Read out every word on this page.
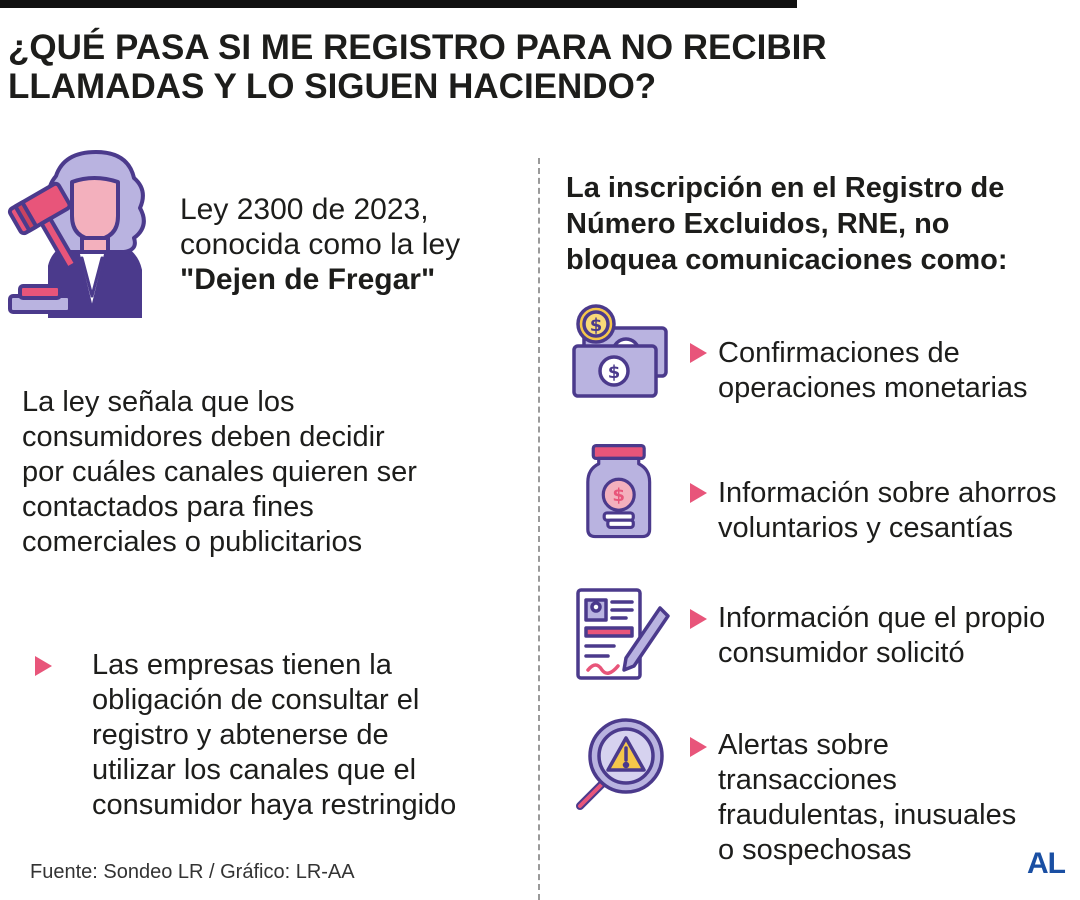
¿QUÉ PASA SI ME REGISTRO PARA NO RECIBIR
LLAMADAS Y LO SIGUEN HACIENDO?
Ley 2300 de 2023,
conocida como la ley
"Dejen de Fregar"
La ley señala que los
consumidores deben decidir
por cuáles canales quieren ser
contactados para fines
comerciales o publicitarios
Las empresas tienen la
obligación de consultar el
registro y abtenerse de
utilizar los canales que el
consumidor haya restringido
Fuente: Sondeo LR / Gráfico: LR-AA
La inscripción en el Registro de
Número Excluidos, RNE, no
bloquea comunicaciones como:
$
$
Confirmaciones de
operaciones monetarias
$	Información sobre ahorros
voluntarios y cesantías
Información que el propio
consumidor solicitó
Alertas sobre
transacciones
fraudulentas, inusuales
o sospechosas	AL
